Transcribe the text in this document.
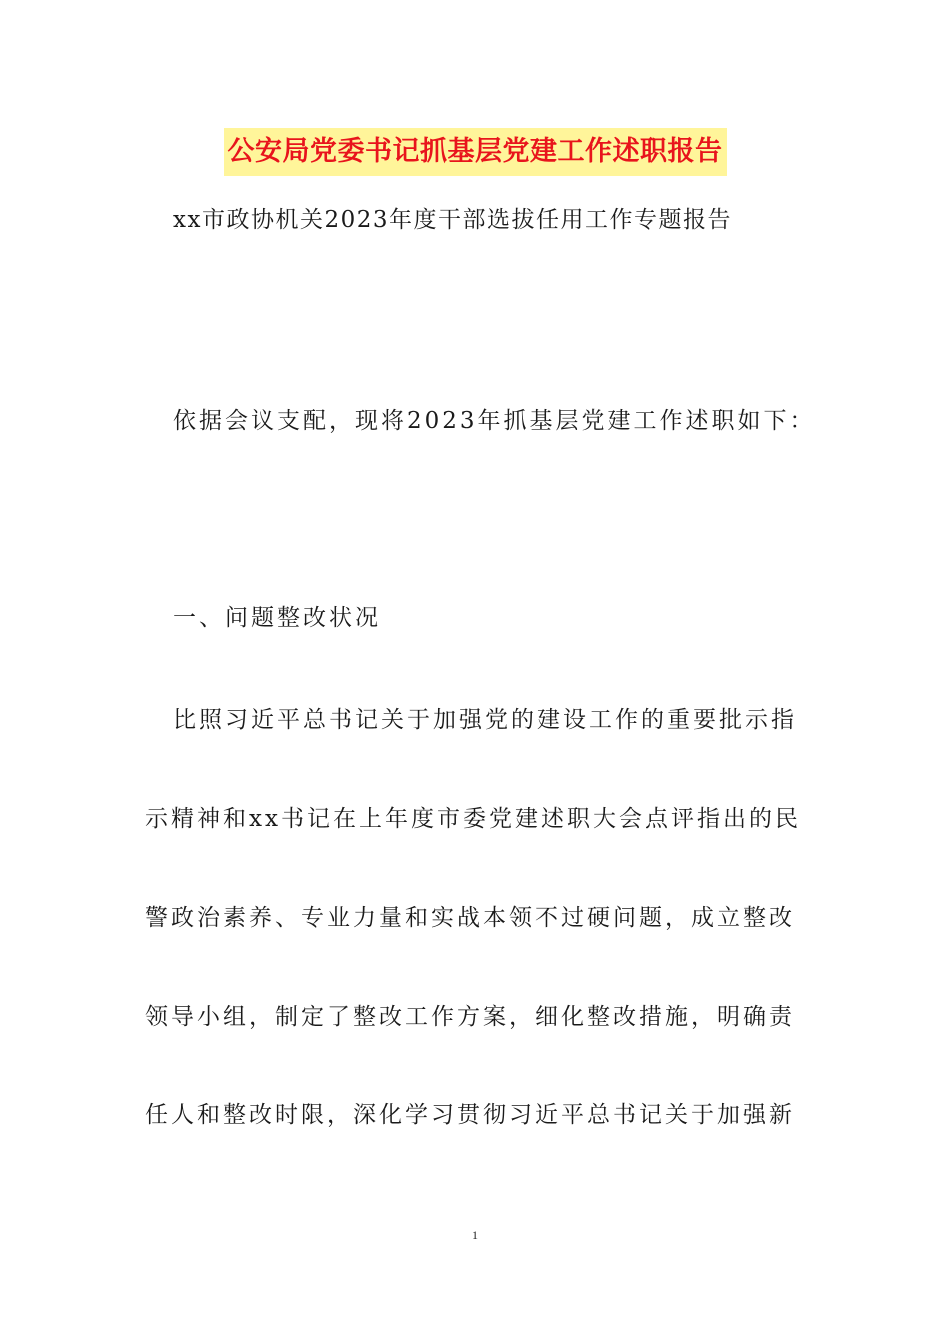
公安局党委书记抓基层党建工作述职报告
xx市政协机关2023年度干部选拔任用工作专题报告
依据会议支配，现将2023年抓基层党建工作述职如下：
一、问题整改状况
比照习近平总书记关于加强党的建设工作的重要批示指
示精神和xx书记在上年度市委党建述职大会点评指出的民
警政治素养、专业力量和实战本领不过硬问题，成立整改
领导小组，制定了整改工作方案，细化整改措施，明确责
任人和整改时限，深化学习贯彻习近平总书记关于加强新
1
